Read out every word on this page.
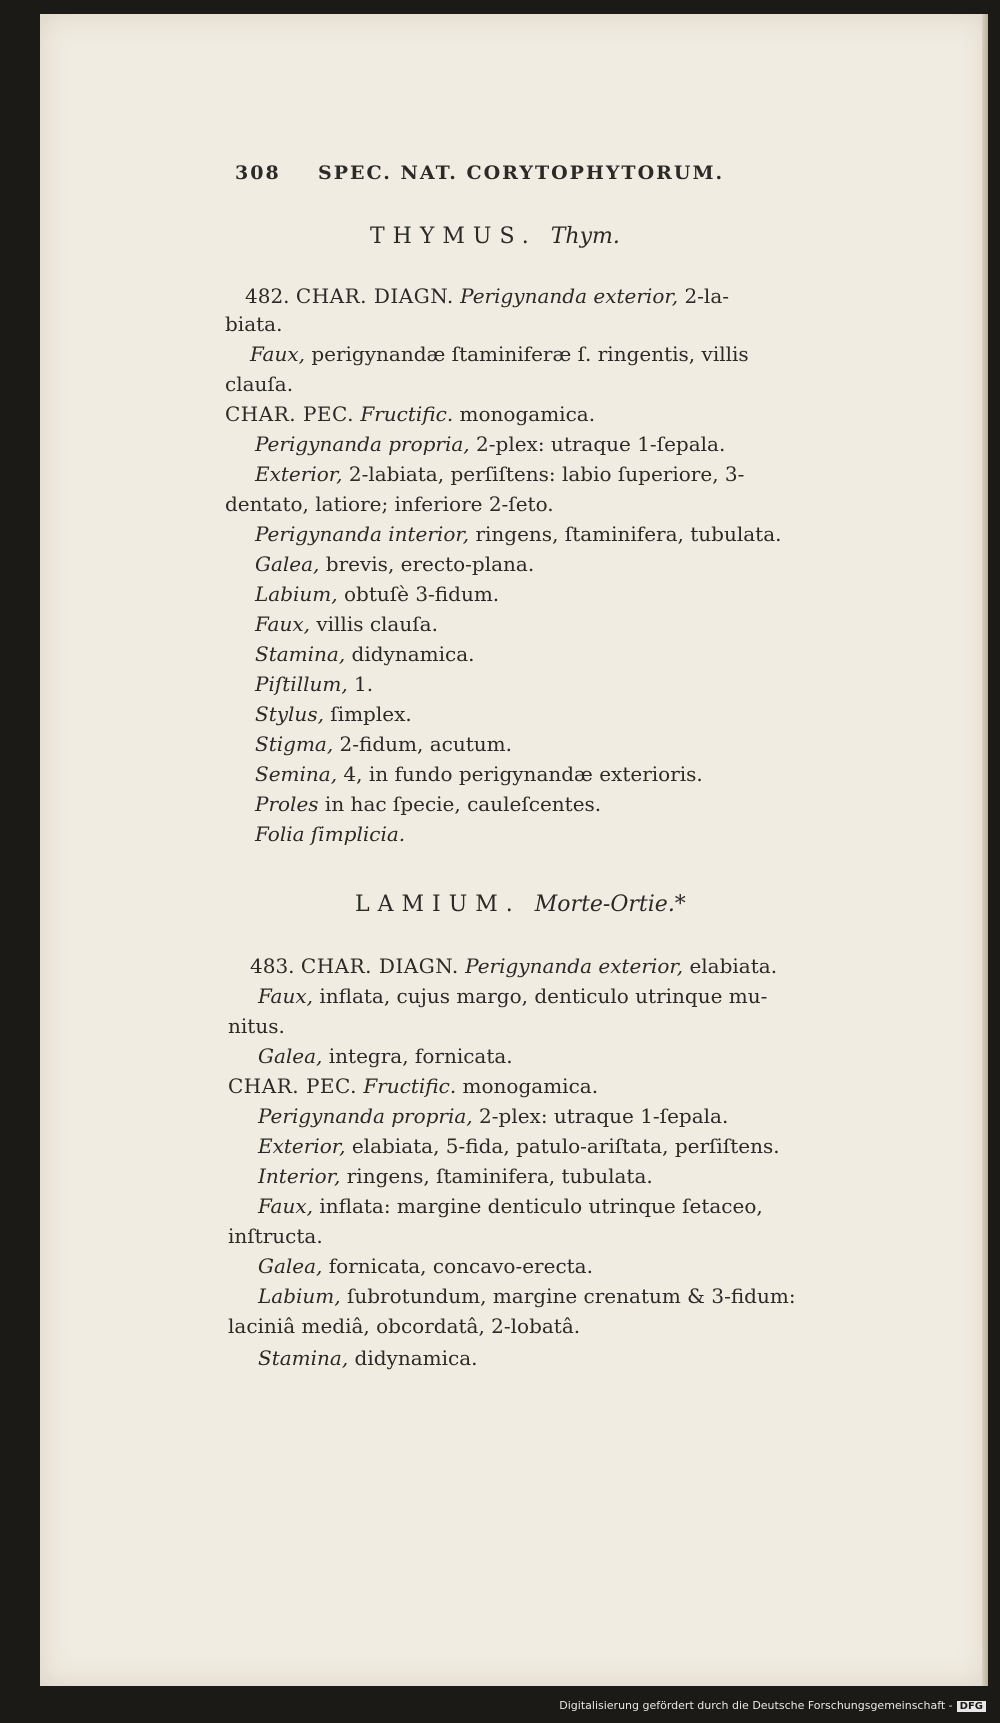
308 SPEC. NAT. CORYTOPHYTORUM.
THYMUS. Thym.
482. CHAR. DIAGN. Perigynanda exterior, 2-la-
biata.
Faux, perigynandæ ſtaminiferæ ſ. ringentis, villis
clauſa.
CHAR. PEC. Fructific. monogamica.
Perigynanda propria, 2-plex: utraque 1-ſepala.
Exterior, 2-labiata, perſiſtens: labio ſuperiore, 3-
dentato, latiore; inferiore 2-ſeto.
Perigynanda interior, ringens, ſtaminifera, tubulata.
Galea, brevis, erecto-plana.
Labium, obtuſè 3-fidum.
Faux, villis clauſa.
Stamina, didynamica.
Piſtillum, 1.
Stylus, ſimplex.
Stigma, 2-fidum, acutum.
Semina, 4, in fundo perigynandæ exterioris.
Proles in hac ſpecie, cauleſcentes.
Folia ſimplicia.
LAMIUM. Morte-Ortie.*
483. CHAR. DIAGN. Perigynanda exterior, elabiata.
Faux, inflata, cujus margo, denticulo utrinque mu-
nitus.
Galea, integra, fornicata.
CHAR. PEC. Fructific. monogamica.
Perigynanda propria, 2-plex: utraque 1-ſepala.
Exterior, elabiata, 5-fida, patulo-ariſtata, perſiſtens.
Interior, ringens, ſtaminifera, tubulata.
Faux, inflata: margine denticulo utrinque ſetaceo,
inſtructa.
Galea, fornicata, concavo-erecta.
Labium, ſubrotundum, margine crenatum & 3-fidum:
laciniâ mediâ, obcordatâ, 2-lobatâ.
Stamina, didynamica.
Digitalisierung gefördert durch die Deutsche Forschungsgemeinschaft - DFG
